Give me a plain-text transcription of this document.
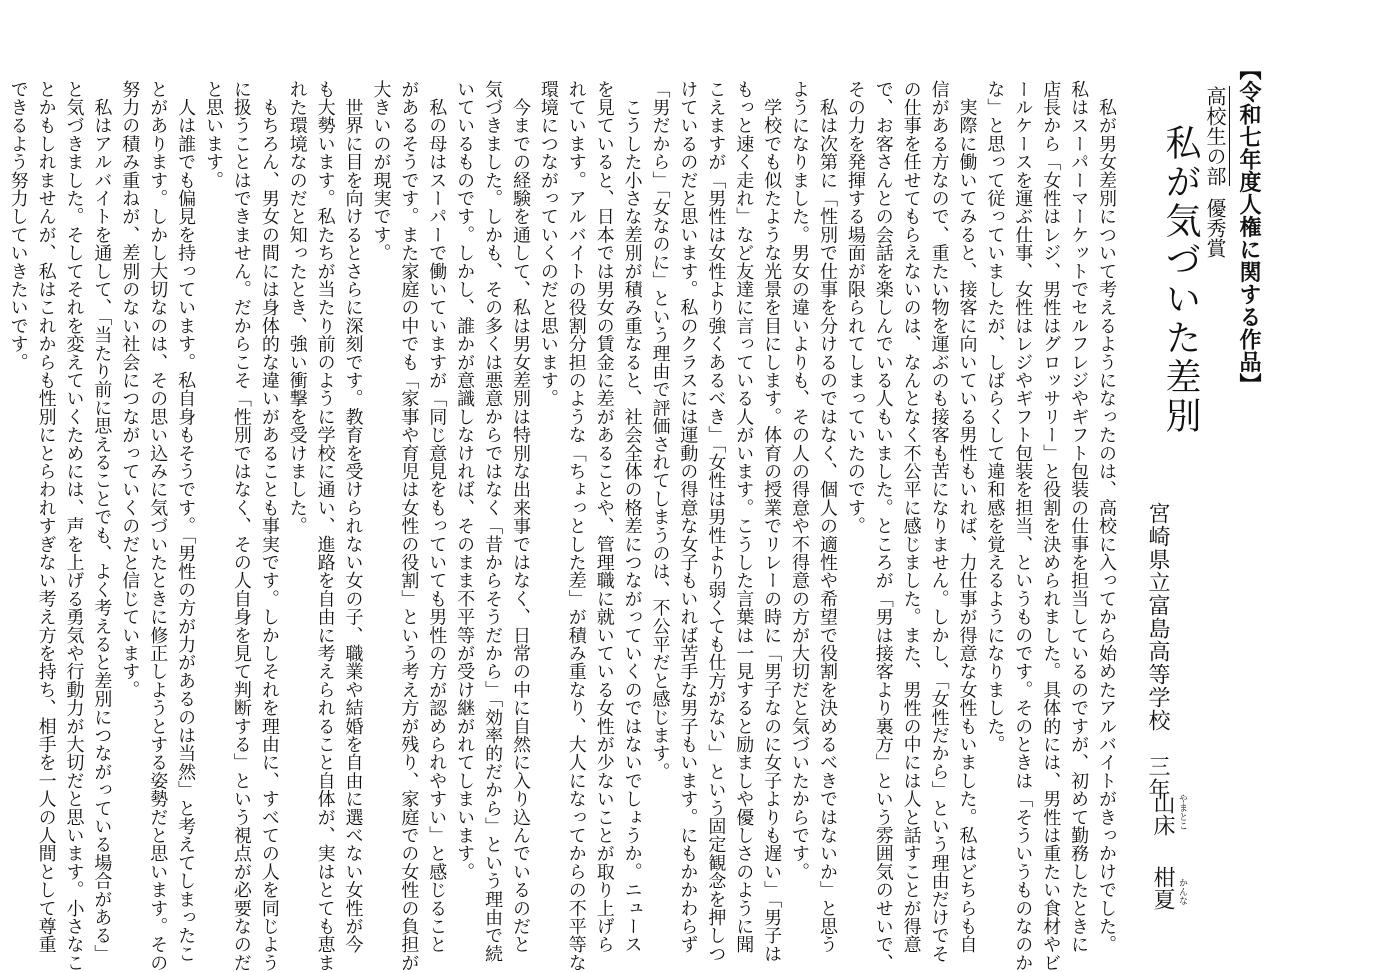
【令和七年度人権に関する作品】
高校生の部優秀賞
私が気づいた差別
宮崎県立富島高等学校　三年
やまとこ
かんな
山床柑夏
　私が男女差別について考えるようになったのは、高校に入ってから始めたアルバイトがきっかけでした。
私はスーパーマーケットでセルフレジやギフト包装の仕事を担当しているのですが、初めて勤務したときに
店長から「女性はレジ、男性はグロッサリー」と役割を決められました。具体的には、男性は重たい食材やビ
ールケースを運ぶ仕事、女性はレジやギフト包装を担当、というものです。そのときは「そういうものなのか
な」と思って従っていましたが、しばらくして違和感を覚えるようになりました。
　実際に働いてみると、接客に向いている男性もいれば、力仕事が得意な女性もいました。私はどちらも自
信がある方なので、重たい物を運ぶのも接客も苦になりません。しかし、「女性だから」という理由だけでそ
の仕事を任せてもらえないのは、なんとなく不公平に感じました。また、男性の中には人と話すことが得意
で、お客さんとの会話を楽しんでいる人もいました。ところが「男は接客より裏方」という雰囲気のせいで、
その力を発揮する場面が限られてしまっていたのです。
　私は次第に「性別で仕事を分けるのではなく、個人の適性や希望で役割を決めるべきではないか」と思う
ようになりました。男女の違いよりも、その人の得意や不得意の方が大切だと気づいたからです。
　学校でも似たような光景を目にします。体育の授業でリレーの時に「男子なのに女子よりも遅い」「男子は
もっと速く走れ」など友達に言っている人がいます。こうした言葉は一見すると励ましや優しさのように聞
こえますが「男性は女性より強くあるべき」「女性は男性より弱くても仕方がない」という固定観念を押しつ
けているのだと思います。私のクラスには運動の得意な女子もいれば苦手な男子もいます。にもかかわらず
「男だから」「女なのに」という理由で評価されてしまうのは、不公平だと感じます。
　こうした小さな差別が積み重なると、社会全体の格差につながっていくのではないでしょうか。ニュース
を見ていると、日本では男女の賃金に差があることや、管理職に就いている女性が少ないことが取り上げら
れています。アルバイトの役割分担のような「ちょっとした差」が積み重なり、大人になってからの不平等な
環境につながっていくのだと思います。
　今までの経験を通して、私は男女差別は特別な出来事ではなく、日常の中に自然に入り込んでいるのだと
気づきました。しかも、その多くは悪意からではなく「昔からそうだから」「効率的だから」という理由で続
いているものです。しかし、誰かが意識しなければ、そのまま不平等が受け継がれてしまいます。
　私の母はスーパーで働いていますが「同じ意見をもっていても男性の方が認められやすい」と感じること
があるそうです。また家庭の中でも「家事や育児は女性の役割」という考え方が残り、家庭での女性の負担が
大きいのが現実です。
　世界に目を向けるとさらに深刻です。教育を受けられない女の子、職業や結婚を自由に選べない女性が今
も大勢います。私たちが当たり前のように学校に通い、進路を自由に考えられること自体が、実はとても恵ま
れた環境なのだと知ったとき、強い衝撃を受けました。
　もちろん、男女の間には身体的な違いがあることも事実です。しかしそれを理由に、すべての人を同じよう
に扱うことはできません。だからこそ「性別ではなく、その人自身を見て判断する」という視点が必要なのだ
と思います。
　人は誰でも偏見を持っています。私自身もそうです。「男性の方が力があるのは当然」と考えてしまったこ
とがあります。しかし大切なのは、その思い込みに気づいたときに修正しようとする姿勢だと思います。その
努力の積み重ねが、差別のない社会につながっていくのだと信じています。
　私はアルバイトを通して、「当たり前に思えることでも、よく考えると差別につながっている場合がある」
と気づきました。そしてそれを変えていくためには、声を上げる勇気や行動力が大切だと思います。小さなこ
とかもしれませんが、私はこれからも性別にとらわれすぎない考え方を持ち、相手を一人の人間として尊重
できるよう努力していきたいです。
